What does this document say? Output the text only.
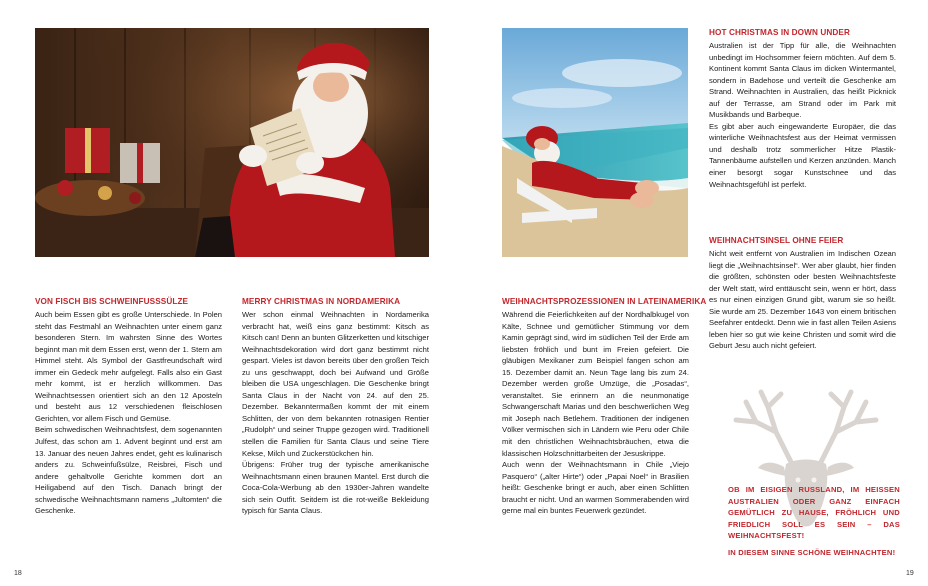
VON FISCH BIS SCHWEINFUSSSÜLZE

Auch beim Essen gibt es große Unterschiede. In Polen steht das Festmahl an Weihnachten unter einem ganz besonderen Stern. Im wahrsten Sinne des Wortes beginnt man mit dem Essen erst, wenn der 1. Stern am Himmel steht. Als Symbol der Gastfreundschaft wird immer ein Gedeck mehr aufgelegt. Falls also ein Gast mehr kommt, ist er herzlich willkommen. Das Weihnachtsessen orientiert sich an den 12 Aposteln und besteht aus 12 verschiedenen fleischlosen Gerichten, vor allem Fisch und Gemüse.

Beim schwedischen Weihnachtsfest, dem sogenannten Julfest, das schon am 1. Advent beginnt und erst am 13. Januar des neuen Jahres endet, geht es kulinarisch anders zu. Schweinfußsülze, Reisbrei, Fisch und andere gehaltvolle Gerichte kommen dort an Heiligabend auf den Tisch. Danach bringt der schwedische Weihnachtsmann namens „Jultomten“ die Geschenke.

MERRY CHRISTMAS IN NORDAMERIKA

Wer schon einmal Weihnachten in Nordamerika verbracht hat, weiß eins ganz bestimmt: Kitsch as Kitsch can! Denn an bunten Glitzerketten und kitschiger Weihnachtsdekoration wird dort ganz bestimmt nicht gespart. Vieles ist davon bereits über den großen Teich zu uns geschwappt, doch bei Aufwand und Größe bleiben die USA ungeschlagen. Die Geschenke bringt Santa Claus in der Nacht von 24. auf den 25. Dezember. Bekanntermaßen kommt der mit einem Schlitten, der von dem bekannten rotnasigen Rentier „Rudolph“ und seiner Truppe gezogen wird. Traditionell stellen die Familien für Santa Claus und seine Tiere Kekse, Milch und Zuckerstückchen hin.

Übrigens: Früher trug der typische amerikanische Weihnachtsmann einen braunen Mantel. Erst durch die Coca-Cola-Werbung ab den 1930er-Jahren wandelte sich sein Outfit. Seitdem ist die rot-weiße Bekleidung typisch für Santa Claus.

18
WEIHNACHTSPROZESSIONEN IN LATEINAMERIKA

Während die Feierlichkeiten auf der Nordhalbkugel von Kälte, Schnee und gemütlicher Stimmung vor dem Kamin geprägt sind, wird im südlichen Teil der Erde am liebsten fröhlich und bunt im Freien gefeiert. Die gläubigen Mexikaner zum Beispiel fangen schon am 15. Dezember damit an. Neun Tage lang bis zum 24. Dezember werden große Umzüge, die „Posadas“, veranstaltet. Sie erinnern an die neunmonatige Schwangerschaft Marias und den beschwerlichen Weg mit Joseph nach Betlehem. Traditionen der indigenen Völker vermischen sich in Ländern wie Peru oder Chile mit den christlichen Weihnachtsbräuchen, etwa die klassischen Holzschnittarbeiten der Jesuskrippe.

Auch wenn der Weihnachtsmann in Chile „Viejo Pasquero“ („alter Hirte“) oder „Papai Noel“ in Brasilien heißt: Geschenke bringt er auch, aber einen Schlitten braucht er nicht. Und an warmen Sommerabenden wird gerne mal ein buntes Feuerwerk gezündet.

HOT CHRISTMAS IN DOWN UNDER

Australien ist der Tipp für alle, die Weihnachten unbedingt im Hochsommer feiern möchten. Auf dem 5. Kontinent kommt Santa Claus im dicken Wintermantel, sondern in Badehose und verteilt die Geschenke am Strand. Weihnachten in Australien, das heißt Picknick auf der Terrasse, am Strand oder im Park mit Musikbands und Barbeque.

Es gibt aber auch eingewanderte Europäer, die das winterliche Weihnachtsfest aus der Heimat vermissen und deshalb trotz sommerlicher Hitze Plastik-Tannenbäume aufstellen und Kerzen anzünden. Manch einer besorgt sogar Kunstschnee und das Weihnachtsgefühl ist perfekt.

WEIHNACHTSINSEL OHNE FEIER

Nicht weit entfernt von Australien im Indischen Ozean liegt die „Weihnachtsinsel“. Wer aber glaubt, hier finden die größten, schönsten oder besten Weihnachtsfeste der Welt statt, wird enttäuscht sein, wenn er hört, dass es nur einen einzigen Grund gibt, warum sie so heißt. Sie wurde am 25. Dezember 1643 von einem britischen Seefahrer entdeckt. Denn wie in fast allen Teilen Asiens leben hier so gut wie keine Christen und somit wird die Geburt Jesu auch nicht gefeiert.

OB IM EISIGEN RUSSLAND, IM HEISSEN AUSTRALIEN ODER GANZ EINFACH GEMÜTLICH ZU HAUSE, FRÖHLICH UND FRIEDLICH SOLL ES SEIN – DAS WEIHNACHTSFEST!

IN DIESEM SINNE SCHÖNE WEIHNACHTEN!

19
